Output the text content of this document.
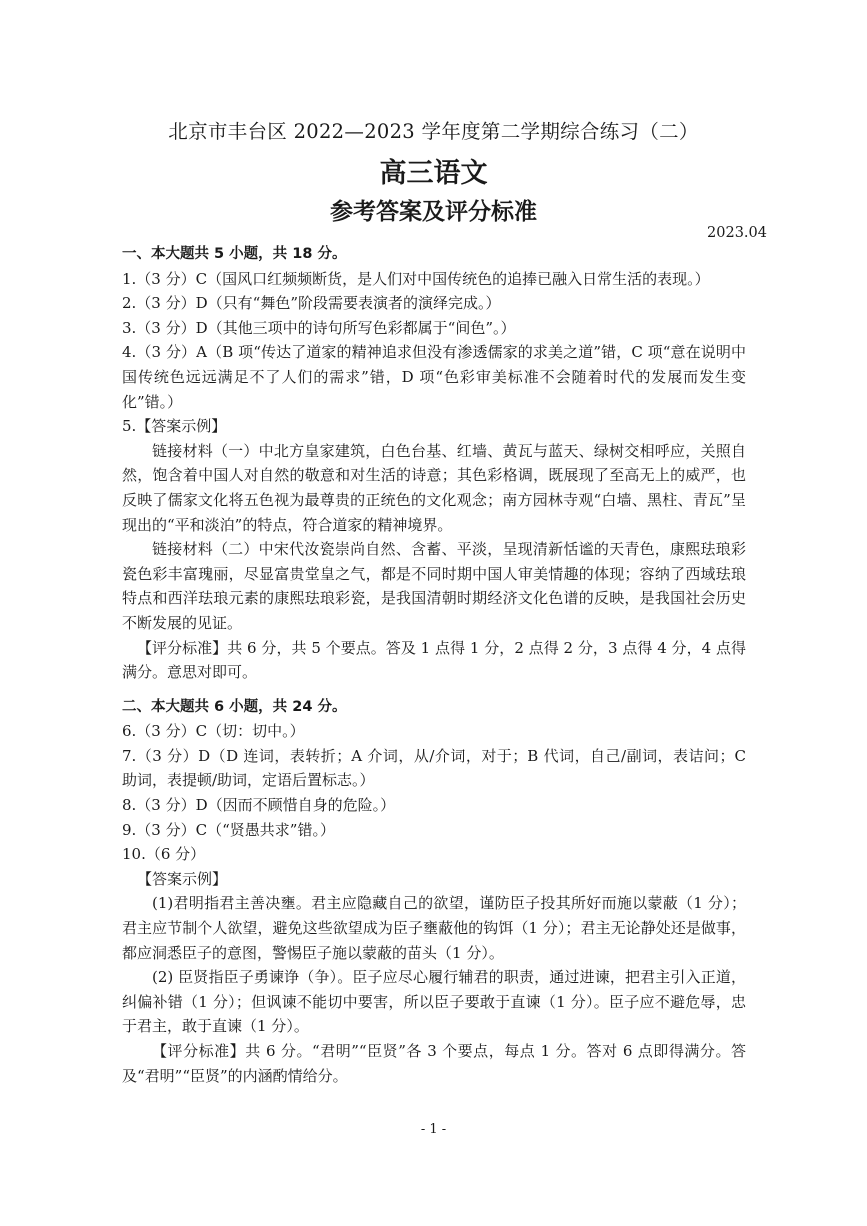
北京市丰台区 2022—2023 学年度第二学期综合练习（二）
高三语文
参考答案及评分标准
2023.04

一、本大题共 5 小题，共 18 分。

1.（3 分）C（国风口红频频断货，是人们对中国传统色的追捧已融入日常生活的表现。）

2.（3 分）D（只有“舞色”阶段需要表演者的演绎完成。）

3.（3 分）D（其他三项中的诗句所写色彩都属于“间色”。）

4.（3 分）A（B 项“传达了道家的精神追求但没有渗透儒家的求美之道”错，C 项“意在说明中国传统色远远满足不了人们的需求”错，D 项“色彩审美标准不会随着时代的发展而发生变化”错。）

5.【答案示例】

链接材料（一）中北方皇家建筑，白色台基、红墙、黄瓦与蓝天、绿树交相呼应，关照自然，饱含着中国人对自然的敬意和对生活的诗意；其色彩格调，既展现了至高无上的威严，也反映了儒家文化将五色视为最尊贵的正统色的文化观念；南方园林寺观“白墙、黑柱、青瓦”呈现出的“平和淡泊”的特点，符合道家的精神境界。

链接材料（二）中宋代汝瓷崇尚自然、含蓄、平淡，呈现清新恬谧的天青色，康熙珐琅彩瓷色彩丰富瑰丽，尽显富贵堂皇之气，都是不同时期中国人审美情趣的体现；容纳了西域珐琅特点和西洋珐琅元素的康熙珐琅彩瓷，是我国清朝时期经济文化色谱的反映，是我国社会历史不断发展的见证。

【评分标准】共 6 分，共 5 个要点。答及 1 点得 1 分，2 点得 2 分，3 点得 4 分，4 点得满分。意思对即可。

二、本大题共 6 小题，共 24 分。

6.（3 分）C（切：切中。）

7.（3 分）D（D 连词，表转折；A 介词，从/介词，对于；B 代词，自己/副词，表诘问；C 助词，表提顿/助词，定语后置标志。）

8.（3 分）D（因而不顾惜自身的危险。）

9.（3 分）C（“贤愚共求”错。）

10.（6 分）

【答案示例】

(1)君明指君主善决壅。君主应隐藏自己的欲望，谨防臣子投其所好而施以蒙蔽（1 分）；君主应节制个人欲望，避免这些欲望成为臣子壅蔽他的钩饵（1 分）；君主无论静处还是做事，都应洞悉臣子的意图，警惕臣子施以蒙蔽的苗头（1 分）。

(2) 臣贤指臣子勇谏诤（争）。臣子应尽心履行辅君的职责，通过进谏，把君主引入正道，纠偏补错（1 分）；但讽谏不能切中要害，所以臣子要敢于直谏（1 分）。臣子应不避危辱，忠于君主，敢于直谏（1 分）。

【评分标准】共 6 分。“君明”“臣贤”各 3 个要点，每点 1 分。答对 6 点即得满分。答及“君明”“臣贤”的内涵酌情给分。

- 1 -
